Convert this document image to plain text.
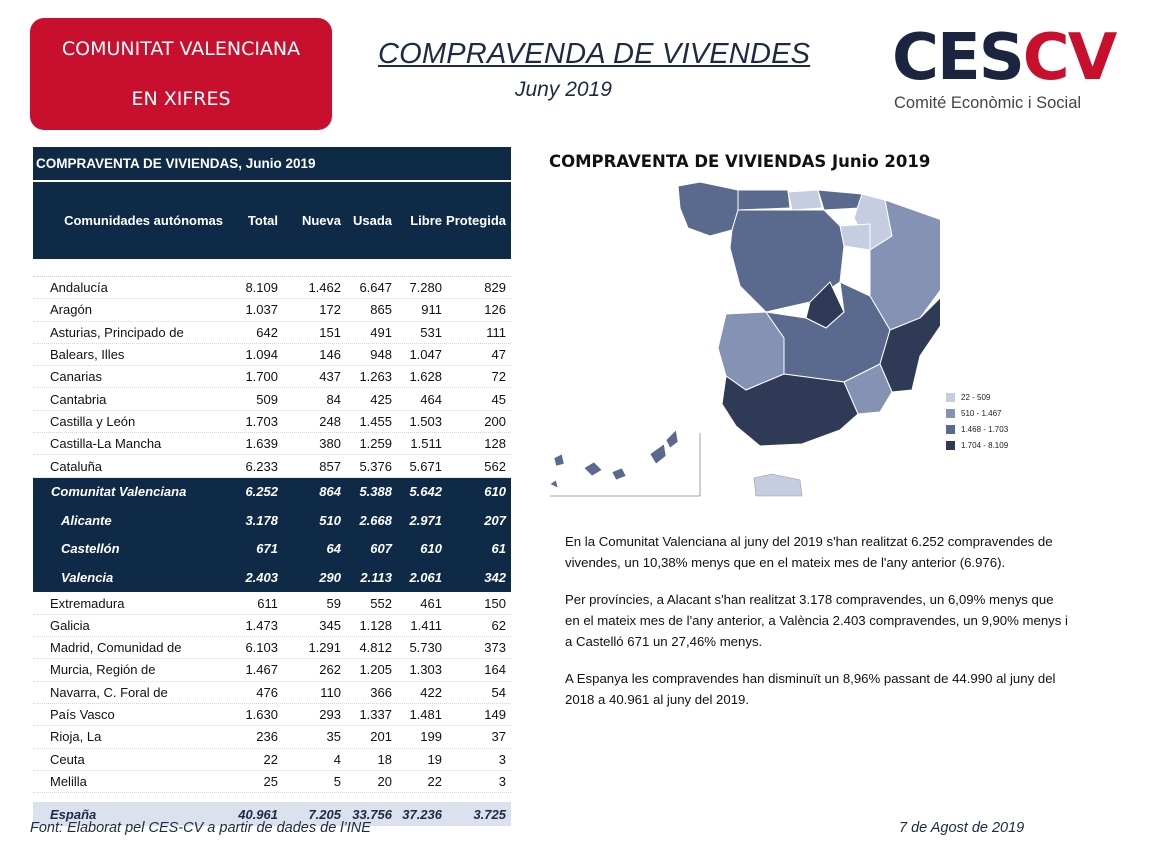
COMUNITAT VALENCIANA
EN XIFRES
COMPRAVENDA DE VIVENDES
Juny 2019	CESCV
Comité Econòmic i Social
COMPRAVENTA DE VIVIENDAS, Junio 2019
Comunidades autónomas	Total	Nueva Usada	Libre Protegida
Andalucía	8.109	1.462	6.647	7.280	829
Aragón	1.037	172	865	911	126
Asturias, Principado de	642	151	491	531	111
Balears, Illes	1.094	146	948	1.047	47
Canarias	1.700	437	1.263	1.628	72
Cantabria	509	84	425	464	45
Castilla y León	1.703	248	1.455	1.503	200
Castilla-La Mancha	1.639	380	1.259	1.511	128
Cataluña	6.233	857	5.376	5.671	562
Comunitat Valenciana	6.252	864	5.388	5.642	610
Alicante	3.178	510	2.668	2.971	207
Castellón	671	64	607	610	61
Valencia	2.403	290	2.113	2.061	342
Extremadura	611	59	552	461	150
Galicia	1.473	345	1.128	1.411	62
Madrid, Comunidad de	6.103	1.291	4.812	5.730	373
Murcia, Región de	1.467	262	1.205	1.303	164
Navarra, C. Foral de	476	110	366	422	54
País Vasco	1.630	293	1.337	1.481	149
Rioja, La	236	35	201	199	37
Ceuta	22	4	18	19	3
Melilla	25	5	20	22	3
España	40.961	7.205 33.756 37.236	3.725
COMPRAVENTA DE VIVIENDAS Junio 2019
22 - 509
510 - 1.467
1.468 - 1.703
1.704 - 8.109

En la Comunitat Valenciana al juny del 2019 s'han realitzat 6.252 compravendes de vivendes, un 10,38% menys que en el mateix mes de l'any anterior (6.976).

Per províncies, a Alacant s'han realitzat 3.178 compravendes, un 6,09% menys que en el mateix mes de l'any anterior, a València 2.403 compravendes, un 9,90% menys i a Castelló 671 un 27,46% menys.

A Espanya les compravendes han disminuït un 8,96% passant de 44.990 al juny del 2018 a 40.961 al juny del 2019.

Font: Elaborat pel CES-CV a partir de dades de l’INE	7 de Agost de 2019
